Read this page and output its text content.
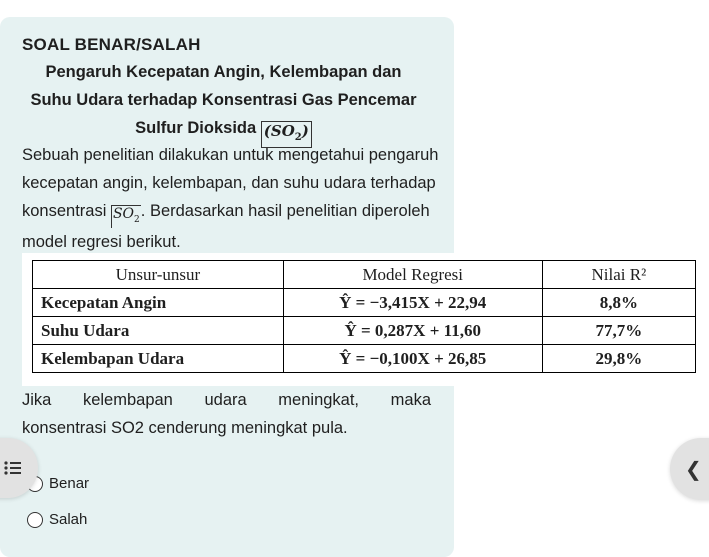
SOAL BENAR/SALAH
Pengaruh Kecepatan Angin, Kelembapan dan
Suhu Udara terhadap Konsentrasi Gas Pencemar
Sulfur Dioksida $(SO_2)$
Sebuah penelitian dilakukan untuk mengetahui pengaruh kecepatan angin, kelembapan, dan suhu udara terhadap konsentrasi $SO_2$. Berdasarkan hasil penelitian diperoleh model regresi berikut.
Unsur-unsur	Model Regresi	Nilai R²
Kecepatan Angin	Ŷ = −3,415X + 22,94	8,8%
Suhu Udara	Ŷ = 0,287X + 11,60	77,7%
Kelembapan Udara	Ŷ = −0,100X + 26,85	29,8%
Jika kelembapan udara meningkat, maka
konsentrasi SO2 cenderung meningkat pula.
Benar
Salah
❮
